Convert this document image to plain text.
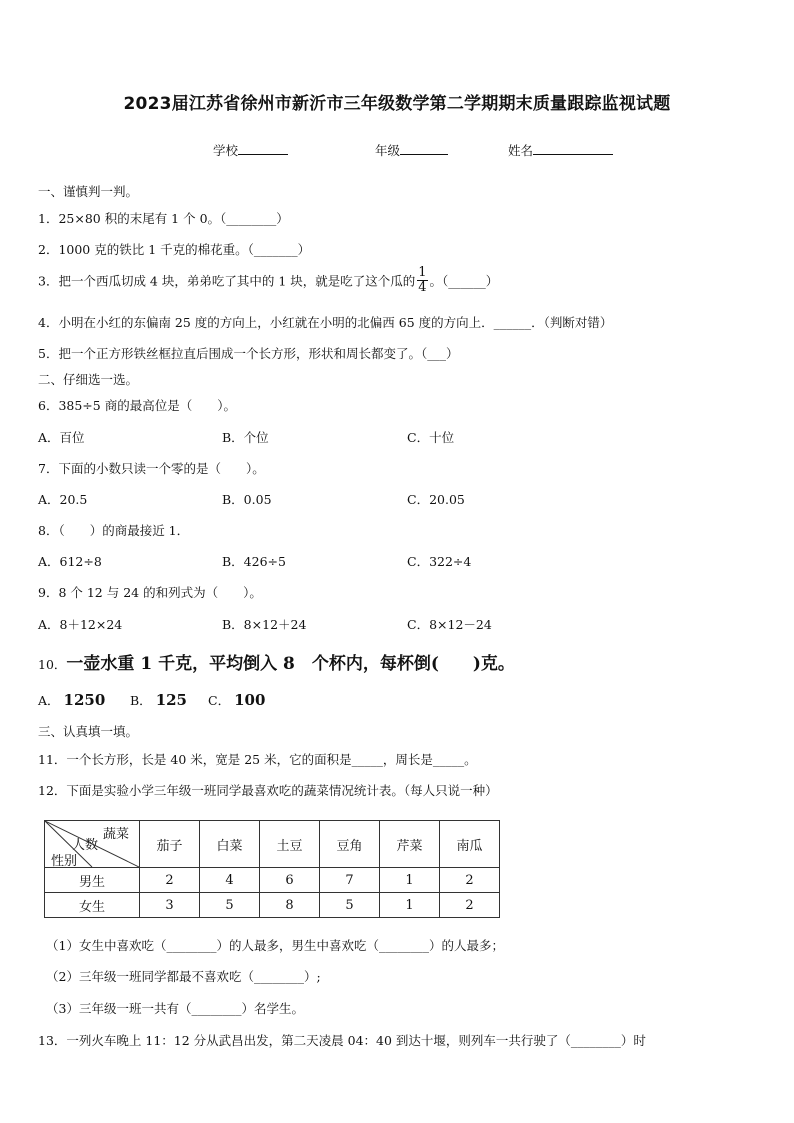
2023届江苏省徐州市新沂市三年级数学第二学期期末质量跟踪监视试题
学校	年级	姓名
一、谨慎判一判。
1．25×80 积的末尾有 1 个 0。（________）
2．1000 克的铁比 1 千克的棉花重。（_______）
3．把一个西瓜切成 4 块，弟弟吃了其中的 1 块，就是吃了这个瓜的 $\frac{1}{4}$ 。（______）
4．小明在小红的东偏南 25 度的方向上，小红就在小明的北偏西 65 度的方向上．______．（判断对错）
5．把一个正方形铁丝框拉直后围成一个长方形，形状和周长都变了。（___）
二、仔细选一选。
6．385÷5 商的最高位是（　　）。
A．百位	B．个位	C．十位
7．下面的小数只读一个零的是（　　）。
A．20.5	B．0.05	C．20.05
8．（　　）的商最接近 1．
A．612÷8	B．426÷5	C．322÷4
9．8 个 12 与 24 的和列式为（　　）。
A．8＋12×24	B．8×12＋24	C．8×12－24
10．一壶水重 1 千克，平均倒入 8　个杯内，每杯倒(　　)克。
A． 1250 B． 125 C． 100
三、认真填一填。
11．一个长方形，长是 40 米，宽是 25 米，它的面积是_____，周长是_____。
12．下面是实验小学三年级一班同学最喜欢吃的蔬菜情况统计表。（每人只说一种）
蔬菜
人数
性别	茄子	白菜	土豆	豆角	芹菜	南瓜
男生	2	4	6	7	1	2
女生	3	5	8	5	1	2
（1）女生中喜欢吃（________）的人最多，男生中喜欢吃（________）的人最多；
（2）三年级一班同学都最不喜欢吃（________）;
（3）三年级一班一共有（________）名学生。
13．一列火车晚上 11：12 分从武昌出发，第二天凌晨 04：40 到达十堰，则列车一共行驶了（________）时
